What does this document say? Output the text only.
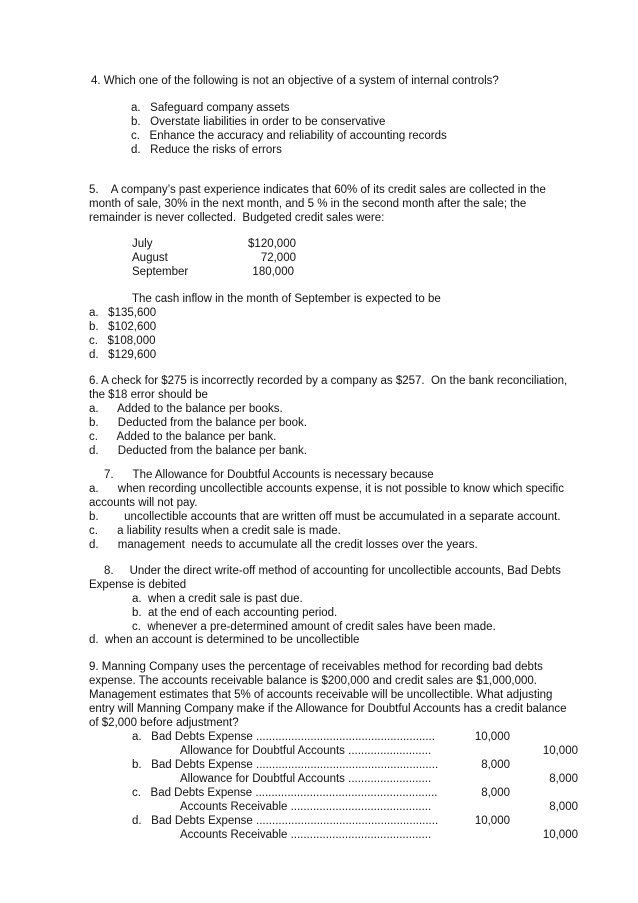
4. Which one of the following is not an objective of a system of internal controls?
a.   Safeguard company assets
b.   Overstate liabilities in order to be conservative
c.   Enhance the accuracy and reliability of accounting records
d.   Reduce the risks of errors
5.    A company’s past experience indicates that 60% of its credit sales are collected in the
month of sale, 30% in the next month, and 5 % in the second month after the sale; the
remainder is never collected.  Budgeted credit sales were:
July	$120,000
August	72,000
September	180,000
The cash inflow in the month of September is expected to be
a.   $135,600
b.   $102,600
c.   $108,000
d.   $129,600
6. A check for $275 is incorrectly recorded by a company as $257.  On the bank reconciliation,
the $18 error should be
a.      Added to the balance per books.
b.      Deducted from the balance per book.
c.      Added to the balance per bank.
d.      Deducted from the balance per bank.
7.      The Allowance for Doubtful Accounts is necessary because
a.      when recording uncollectible accounts expense, it is not possible to know which specific
accounts will not pay.
b.        uncollectible accounts that are written off must be accumulated in a separate account.
c.      a liability results when a credit sale is made.
d.      management  needs to accumulate all the credit losses over the years.
8.     Under the direct write-off method of accounting for uncollectible accounts, Bad Debts
Expense is debited
a.  when a credit sale is past due.
b.  at the end of each accounting period.
c.  whenever a pre-determined amount of credit sales have been made.
d.  when an account is determined to be uncollectible
9. Manning Company uses the percentage of receivables method for recording bad debts
expense. The accounts receivable balance is $200,000 and credit sales are $1,000,000.
Management estimates that 5% of accounts receivable will be uncollectible. What adjusting
entry will Manning Company make if the Allowance for Doubtful Accounts has a credit balance
of $2,000 before adjustment?
a.   Bad Debts Expense ........................................................	10,000
Allowance for Doubtful Accounts ..........................	10,000
b.   Bad Debts Expense .........................................................	8,000
Allowance for Doubtful Accounts ..........................	8,000
c.   Bad Debts Expense .........................................................	8,000
Accounts Receivable ............................................	8,000
d.   Bad Debts Expense .........................................................	10,000
Accounts Receivable ............................................	10,000
